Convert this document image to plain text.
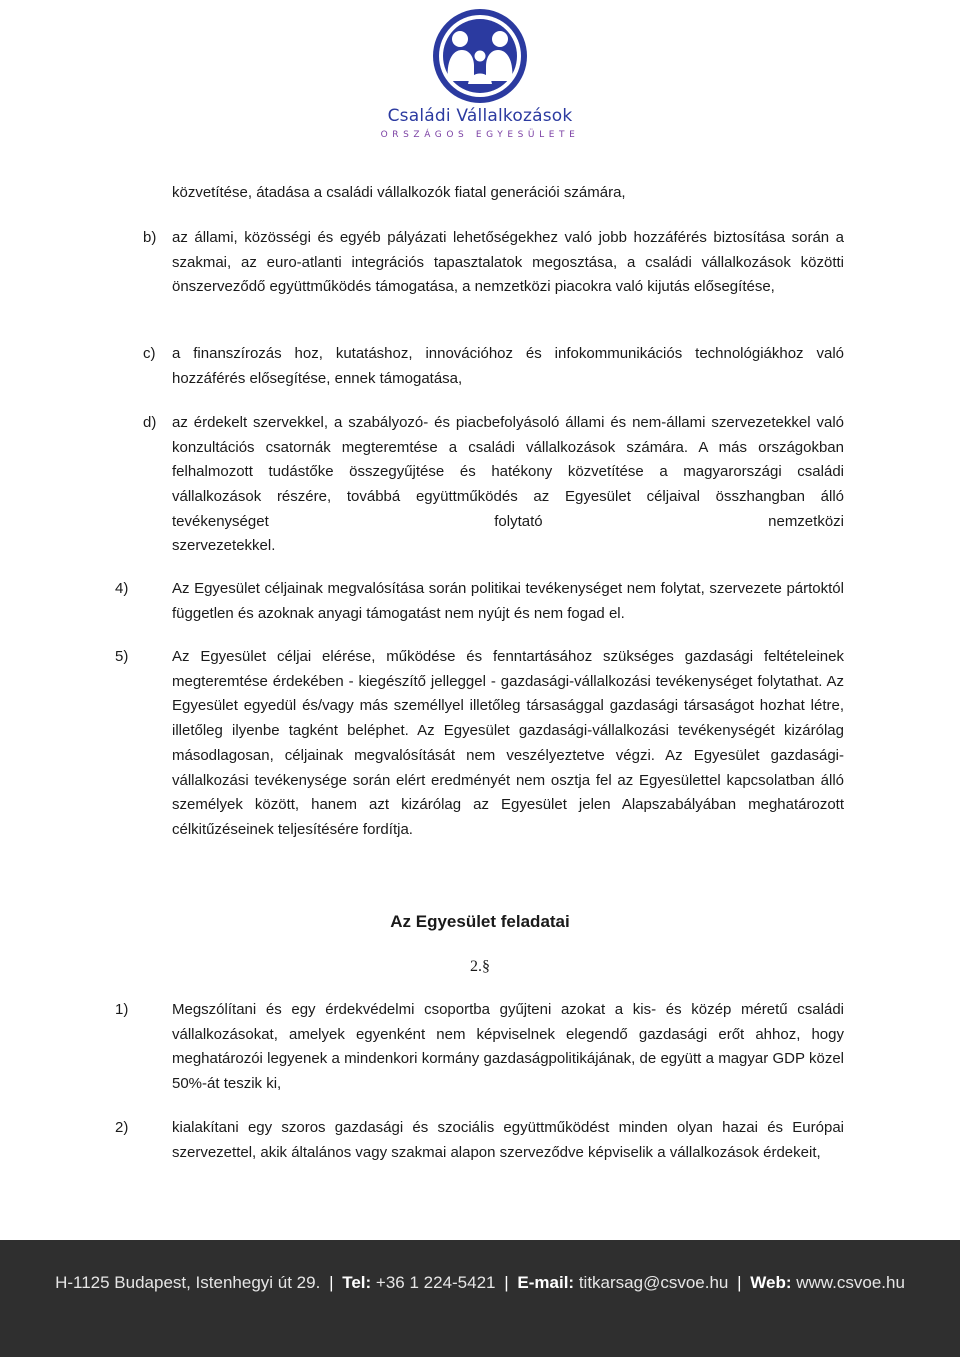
Családi Vállalkozások
ORSZÁGOS EGYESÜLETE
közvetítése, átadása a családi vállalkozók fiatal generációi számára,
b) az állami, közösségi és egyéb pályázati lehetőségekhez való jobb hozzáférés biztosítása során a szakmai, az euro-atlanti integrációs tapasztalatok megosztása, a családi vállalkozások közötti önszerveződő együttműködés támogatása, a nemzetközi piacokra való kijutás elősegítése,
c) a finanszírozás hoz, kutatáshoz, innovációhoz és infokommunikációs technológiákhoz való hozzáférés elősegítése, ennek támogatása,
d) az érdekelt szervekkel, a szabályozó- és piacbefolyásoló állami és nem-állami szervezetekkel való konzultációs csatornák megteremtése a családi vállalkozások számára. A más országokban felhalmozott tudástőke összegyűjtése és hatékony közvetítése a magyarországi családi vállalkozások részére, továbbá együttműködés az Egyesület céljaival összhangban álló tevékenységet folytató nemzetközi
szervezetekkel.
4)	Az Egyesület céljainak megvalósítása során politikai tevékenységet nem folytat, szervezete pártoktól független és azoknak anyagi támogatást nem nyújt és nem fogad el.
5)	Az Egyesület céljai elérése, működése és fenntartásához szükséges gazdasági feltételeinek megteremtése érdekében - kiegészítő jelleggel - gazdasági-vállalkozási tevékenységet folytathat. Az Egyesület egyedül és/vagy más személlyel illetőleg társasággal gazdasági társaságot hozhat létre, illetőleg ilyenbe tagként beléphet. Az Egyesület gazdasági-vállalkozási tevékenységét kizárólag másodlagosan, céljainak megvalósítását nem veszélyeztetve végzi. Az Egyesület gazdasági-vállalkozási tevékenysége során elért eredményét nem osztja fel az Egyesülettel kapcsolatban álló személyek között, hanem azt kizárólag az Egyesület jelen Alapszabályában meghatározott célkitűzéseinek teljesítésére fordítja.
Az Egyesület feladatai
2.§
1)	Megszólítani és egy érdekvédelmi csoportba gyűjteni azokat a kis- és közép méretű családi vállalkozásokat, amelyek egyenként nem képviselnek elegendő gazdasági erőt ahhoz, hogy meghatározói legyenek a mindenkori kormány gazdaságpolitikájának, de együtt a magyar GDP közel 50%-át teszik ki,
2)	kialakítani egy szoros gazdasági és szociális együttműködést minden olyan hazai és Európai szervezettel, akik általános vagy szakmai alapon szerveződve képviselik a vállalkozások érdekeit,
H-1125 Budapest, Istenhegyi út 29. | Tel: +36 1 224-5421 | E-mail: titkarsag@csvoe.hu | Web: www.csvoe.hu
